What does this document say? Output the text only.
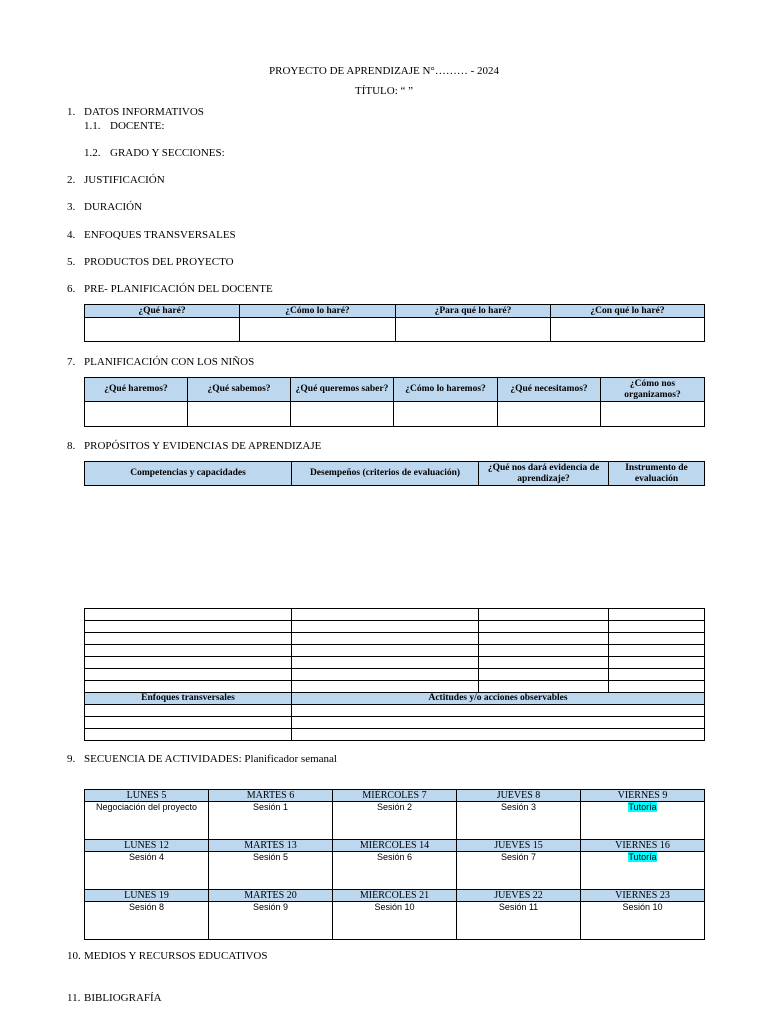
PROYECTO DE APRENDIZAJE N°……… - 2024
TÍTULO: “ ”
1. DATOS INFORMATIVOS
1.1. DOCENTE:
1.2. GRADO Y SECCIONES:
2. JUSTIFICACIÓN
3. DURACIÓN
4. ENFOQUES TRANSVERSALES
5. PRODUCTOS DEL PROYECTO
6. PRE- PLANIFICACIÓN DEL DOCENTE
¿Qué haré?	¿Cómo lo haré?	¿Para qué lo haré?	¿Con qué lo haré?

7. PLANIFICACIÓN CON LOS NIÑOS
¿Qué haremos?	¿Qué sabemos?	¿Qué queremos saber?	¿Cómo lo haremos?	¿Qué necesitamos?	¿Cómo nos organizamos?

8. PROPÓSITOS Y EVIDENCIAS DE APRENDIZAJE
Competencias y capacidades	Desempeños (criterios de evaluación)	¿Qué nos dará evidencia de aprendizaje?	Instrumento de evaluación

Enfoques transversales	Actitudes y/o acciones observables		

9. SECUENCIA DE ACTIVIDADES: Planificador semanal
LUNES 5	MARTES 6	MIÉRCOLES 7	JUEVES 8	VIERNES 9
Negociación del proyecto	Sesión 1	Sesión 2	Sesión 3	Tutoría
LUNES 12	MARTES 13	MIÉRCOLES 14	JUEVES 15	VIERNES 16
Sesión 4	Sesión 5	Sesión 6	Sesión 7	Tutoría
LUNES 19	MARTES 20	MIÉRCOLES 21	JUEVES 22	VIERNES 23
Sesión 8	Sesión 9	Sesión 10	Sesión 11	Sesión 10
10. MEDIOS Y RECURSOS EDUCATIVOS
11. BIBLIOGRAFÍA
